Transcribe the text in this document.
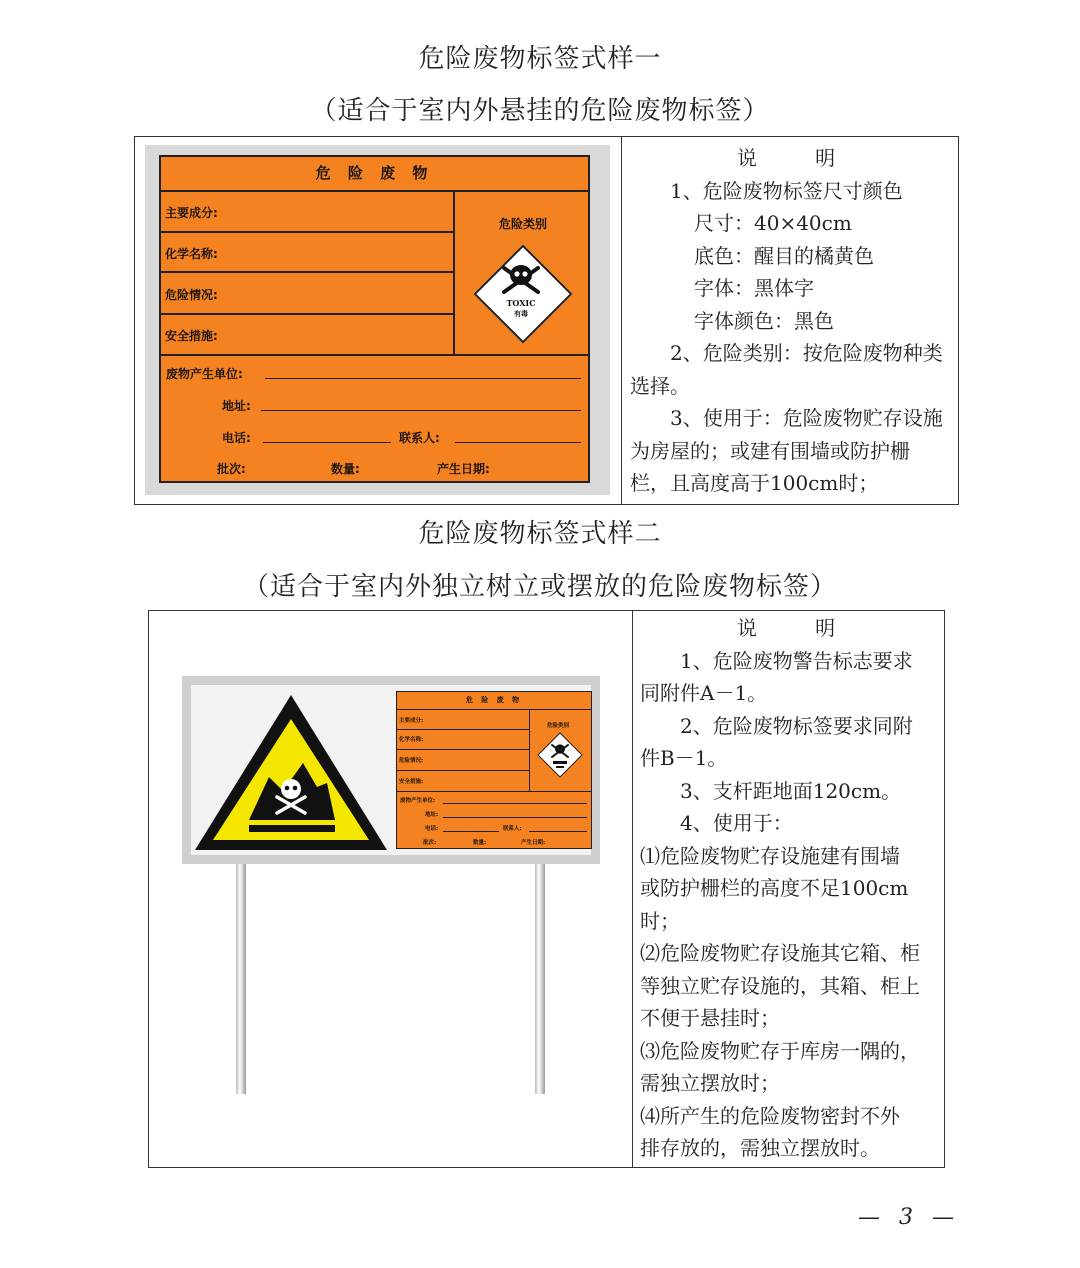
危险废物标签式样一
（适合于室内外悬挂的危险废物标签）
危 险 废 物
主要成分:
化学名称:
危险情况:
安全措施:
危险类别
TOXIC
有毒
废物产生单位:
地址:
电话:	联系人:
批次:	数量:	产生日期:

说 明

1、危险废物标签尺寸颜色

尺寸：40×40cm

底色：醒目的橘黄色

字体：黑体字

字体颜色：黑色

2、危险类别：按危险废物种类

选择。

3、使用于：危险废物贮存设施

为房屋的；或建有围墙或防护栅

栏，且高度高于100cm时；

危险废物标签式样二
（适合于室内外独立树立或摆放的危险废物标签）
危 险 废 物
主要成分:
化学名称:
危险情况:
安全措施:
危险类别
废物产生单位:
地址:
电话:	联系人:
批次:	数量:	产生日期:

说 明

1、危险废物警告标志要求

同附件A－1。

2、危险废物标签要求同附

件B－1。

3、支杆距地面120cm。

4、使用于：

⑴危险废物贮存设施建有围墙

或防护栅栏的高度不足100cm

时；

⑵危险废物贮存设施其它箱、柜

等独立贮存设施的，其箱、柜上

不便于悬挂时；

⑶危险废物贮存于库房一隅的，

需独立摆放时；

⑷所产生的危险废物密封不外

排存放的，需独立摆放时。

— 3 —
